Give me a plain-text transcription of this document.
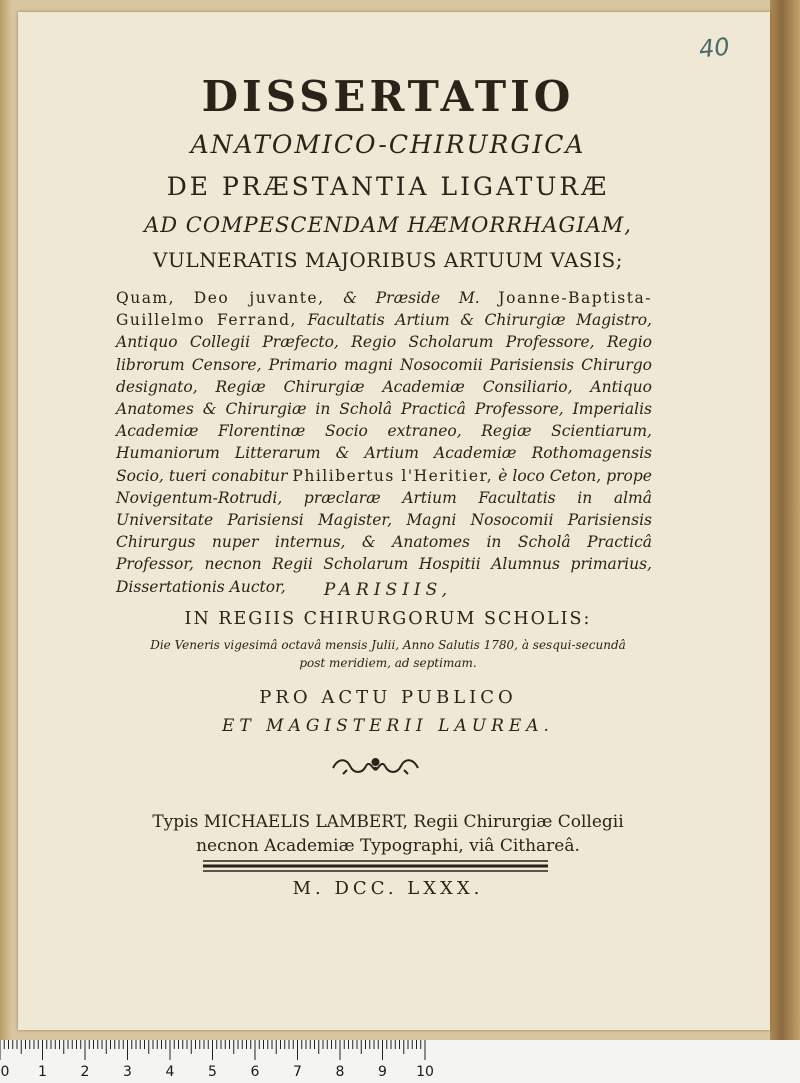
40
DISSERTATIO
ANATOMICO-CHIRURGICA
DE PRÆSTANTIA LIGATURÆ
AD COMPESCENDAM HÆMORRHAGIAM,
VULNERATIS MAJORIBUS ARTUUM VASIS;
Quam, Deo juvante, & Præside M. Joanne-Baptista- Guillelmo Ferrand, Facultatis Artium & Chirurgiæ Magistro, Antiquo Collegii Præfecto, Regio Scholarum Professore, Regio librorum Censore, Primario magni Nosocomii Parisiensis Chirurgo designato, Regiæ Chirurgiæ Academiæ Consiliario, Antiquo Anatomes & Chirurgiæ in Scholâ Practicâ Professore, Imperialis Academiæ Florentinæ Socio extraneo, Regiæ Scientiarum, Humaniorum Litterarum & Artium Academiæ Rothomagensis Socio, tueri conabitur Philibertus l'Heritier, è loco Ceton, prope Novigentum-Rotrudi, præclaræ Artium Facultatis in almâ Universitate Parisiensi Magister, Magni Nosocomii Parisiensis Chirurgus nuper internus, & Anatomes in Scholâ Practicâ Professor, necnon Regii Scholarum Hospitii Alumnus primarius, Dissertationis Auctor,	PARISIIS,
IN REGIIS CHIRURGORUM SCHOLIS:
Die Veneris vigesimâ octavâ mensis Julii, Anno Salutis 1780, à sesqui-secundâ
post meridiem, ad septimam.
PRO ACTU PUBLICO
ET MAGISTERII LAUREA.
Typis MICHAELIS LAMBERT, Regii Chirurgiæ Collegii
necnon Academiæ Typographi, viâ Cithareâ.
M. DCC. LXXX.
0 1 2 3 4 5 6 7 8 9 10
